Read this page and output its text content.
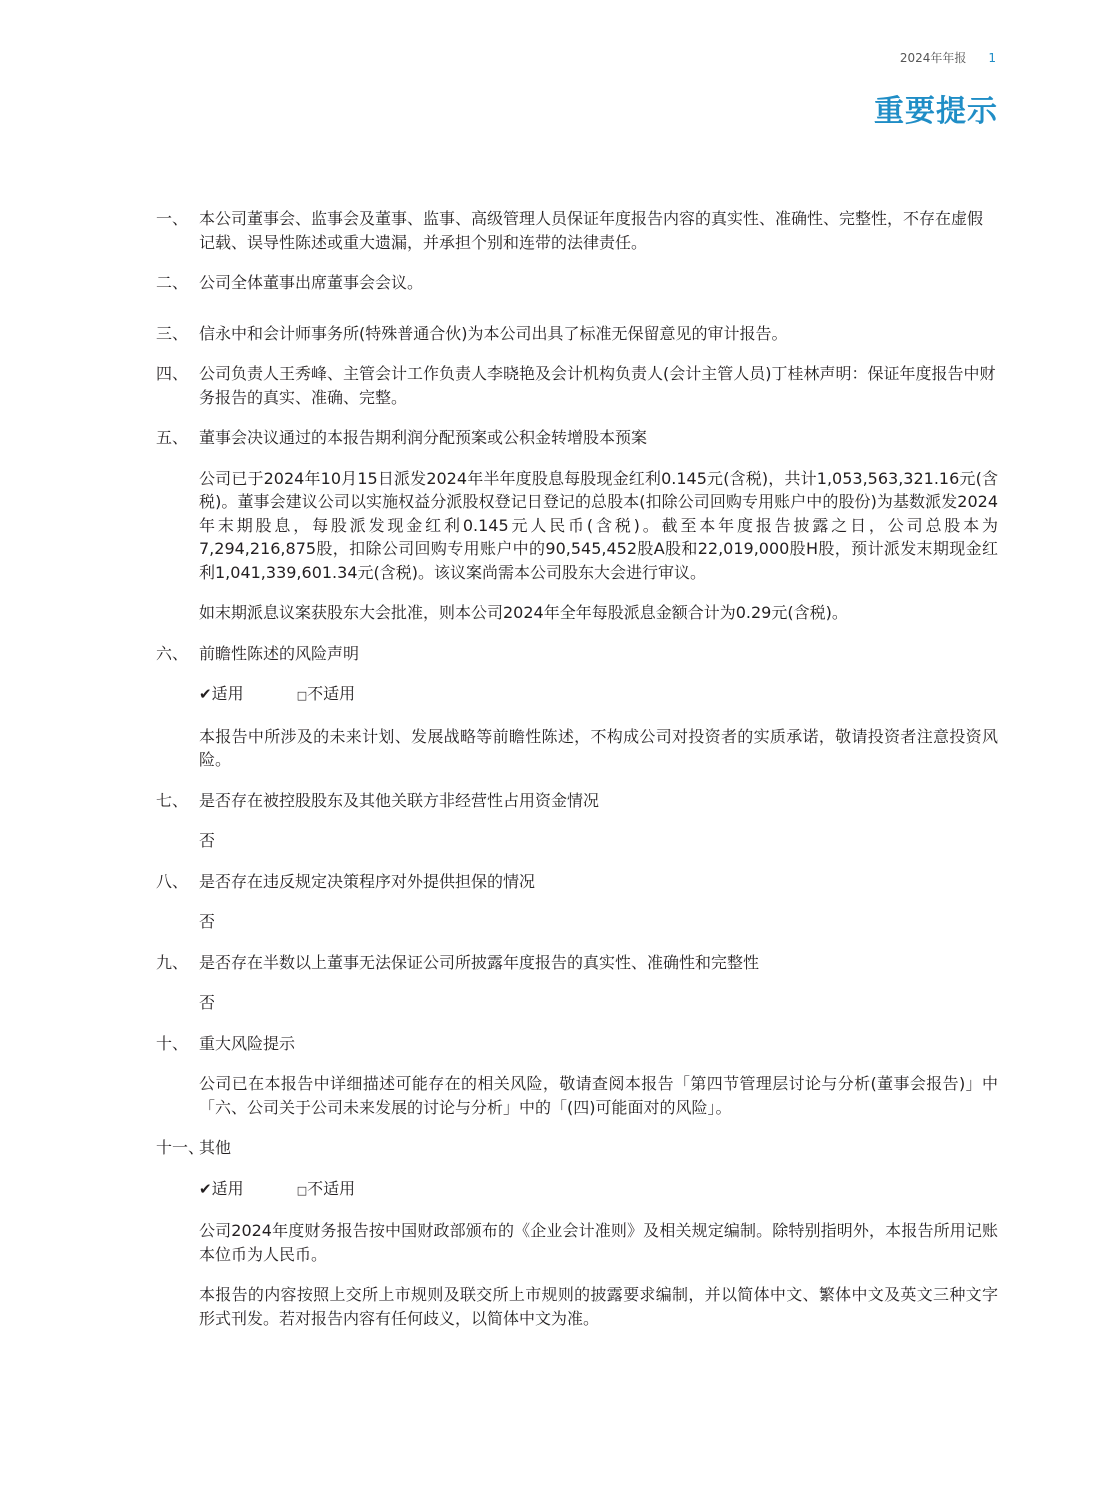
2024年年报 1
重要提示
一、 本公司董事会、监事会及董事、监事、高级管理人员保证年度报告内容的真实性、准确性、完整性，不存在虚假记载、误导性陈述或重大遗漏，并承担个别和连带的法律责任。
二、 公司全体董事出席董事会会议。
三、 信永中和会计师事务所(特殊普通合伙)为本公司出具了标准无保留意见的审计报告。
四、 公司负责人王秀峰、主管会计工作负责人李晓艳及会计机构负责人(会计主管人员)丁桂林声明：保证年度报告中财务报告的真实、准确、完整。
五、 董事会决议通过的本报告期利润分配预案或公积金转增股本预案
公司已于2024年10月15日派发2024年半年度股息每股现金红利0.145元(含税)，共计1,053,563,321.16元(含税)。董事会建议公司以实施权益分派股权登记日登记的总股本(扣除公司回购专用账户中的股份)为基数派发2024年末期股息，每股派发现金红利0.145元人民币(含税)。截至本年度报告披露之日，公司总股本为7,294,216,875股，扣除公司回购专用账户中的90,545,452股A股和22,019,000股H股，预计派发末期现金红利1,041,339,601.34元(含税)。该议案尚需本公司股东大会进行审议。
如末期派息议案获股东大会批准，则本公司2024年全年每股派息金额合计为0.29元(含税)。
六、 前瞻性陈述的风险声明
✔适用	□不适用
本报告中所涉及的未来计划、发展战略等前瞻性陈述，不构成公司对投资者的实质承诺，敬请投资者注意投资风险。
七、 是否存在被控股股东及其他关联方非经营性占用资金情况
否
八、 是否存在违反规定决策程序对外提供担保的情况
否
九、 是否存在半数以上董事无法保证公司所披露年度报告的真实性、准确性和完整性
否
十、 重大风险提示
公司已在本报告中详细描述可能存在的相关风险，敬请查阅本报告「第四节管理层讨论与分析(董事会报告)」中「六、公司关于公司未来发展的讨论与分析」中的「(四)可能面对的风险」。
十一、
其他
✔适用	□不适用
公司2024年度财务报告按中国财政部颁布的《企业会计准则》及相关规定编制。除特别指明外，本报告所用记账本位币为人民币。
本报告的内容按照上交所上市规则及联交所上市规则的披露要求编制，并以简体中文、繁体中文及英文三种文字形式刊发。若对报告内容有任何歧义，以简体中文为准。
